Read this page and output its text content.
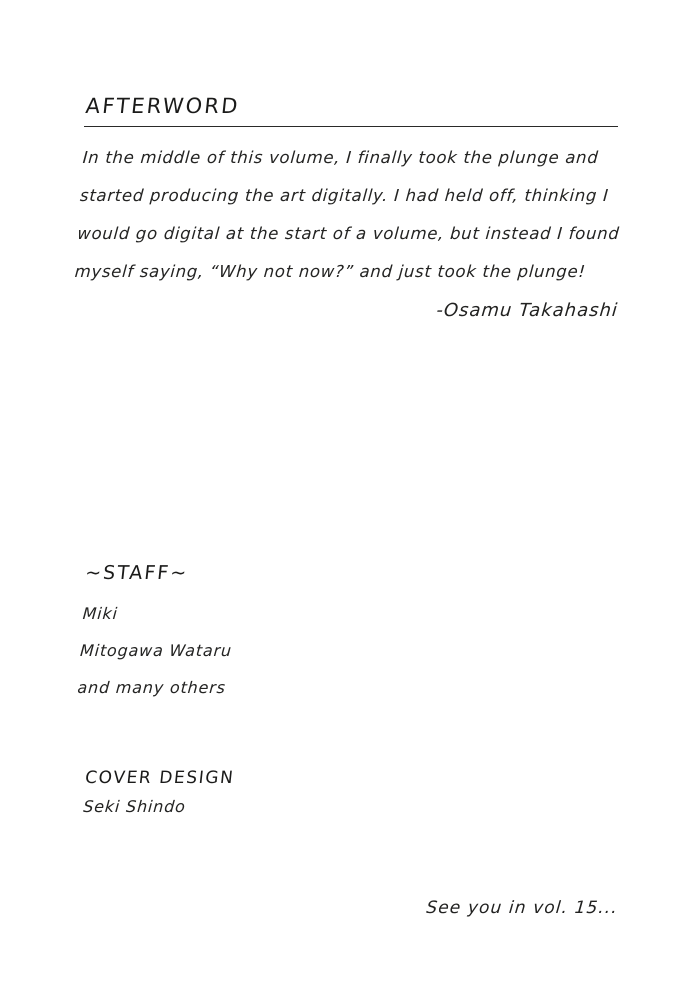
AFTERWORD
In the middle of this volume, I finally took the plunge and
started producing the art digitally. I had held off, thinking I
would go digital at the start of a volume, but instead I found
myself saying, “Why not now?” and just took the plunge!
-Osamu Takahashi
~STAFF~
Miki
Mitogawa Wataru
and many others
COVER DESIGN
Seki Shindo
See you in vol. 15...
